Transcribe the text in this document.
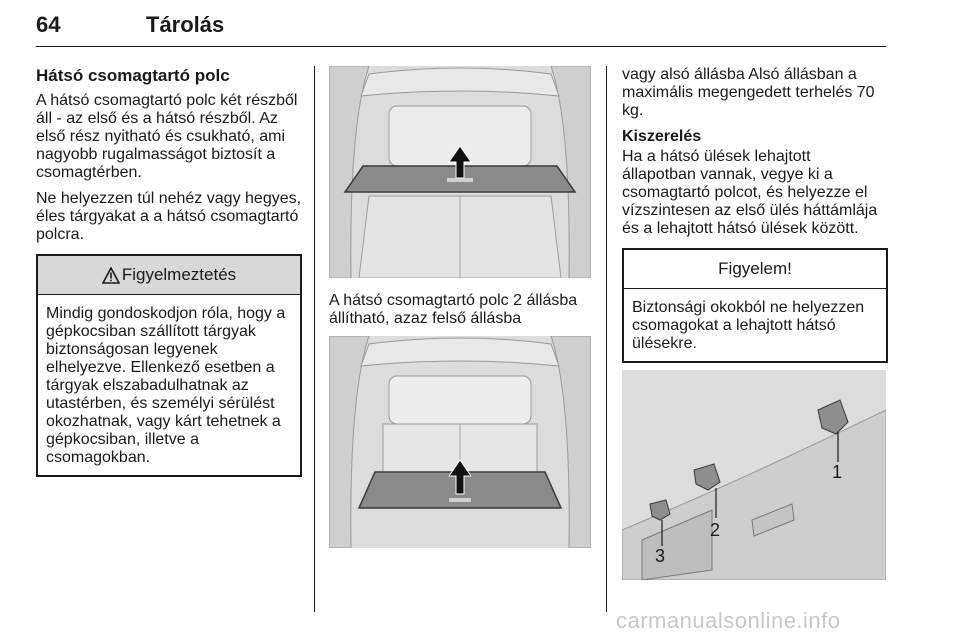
64	Tárolás
Hátsó csomagtartó polc

A hátsó csomagtartó polc két részből áll - az első és a hátsó részből. Az első rész nyitható és csukható, ami nagyobb rugalmasságot biztosít a csomagtérben.

Ne helyezzen túl nehéz vagy hegyes, éles tárgyakat a a hátsó csomagtartó polcra.

Figyelmeztetés
Mindig gondoskodjon róla, hogy a gépkocsiban szállított tárgyak biztonságosan legyenek elhelyezve. Ellenkező esetben a tárgyak elszabadulhatnak az utastérben, és személyi sérülést okozhatnak, vagy kárt tehetnek a gépkocsiban, illetve a csomagokban.
A hátsó csomagtartó polc 2 állásba állítható, azaz felső állásba

vagy alsó állásba Alsó állásban a maximális megengedett terhelés 70 kg.

Kiszerelés

Ha a hátsó ülések lehajtott állapotban vannak, vegye ki a csomagtartó polcot, és helyezze el vízszintesen az első ülés háttámlája és a lehajtott hátsó ülések között.

Figyelem!
Biztonsági okokból ne helyezzen csomagokat a lehajtott hátsó ülésekre.
1
2
3
carmanualsonline.info
